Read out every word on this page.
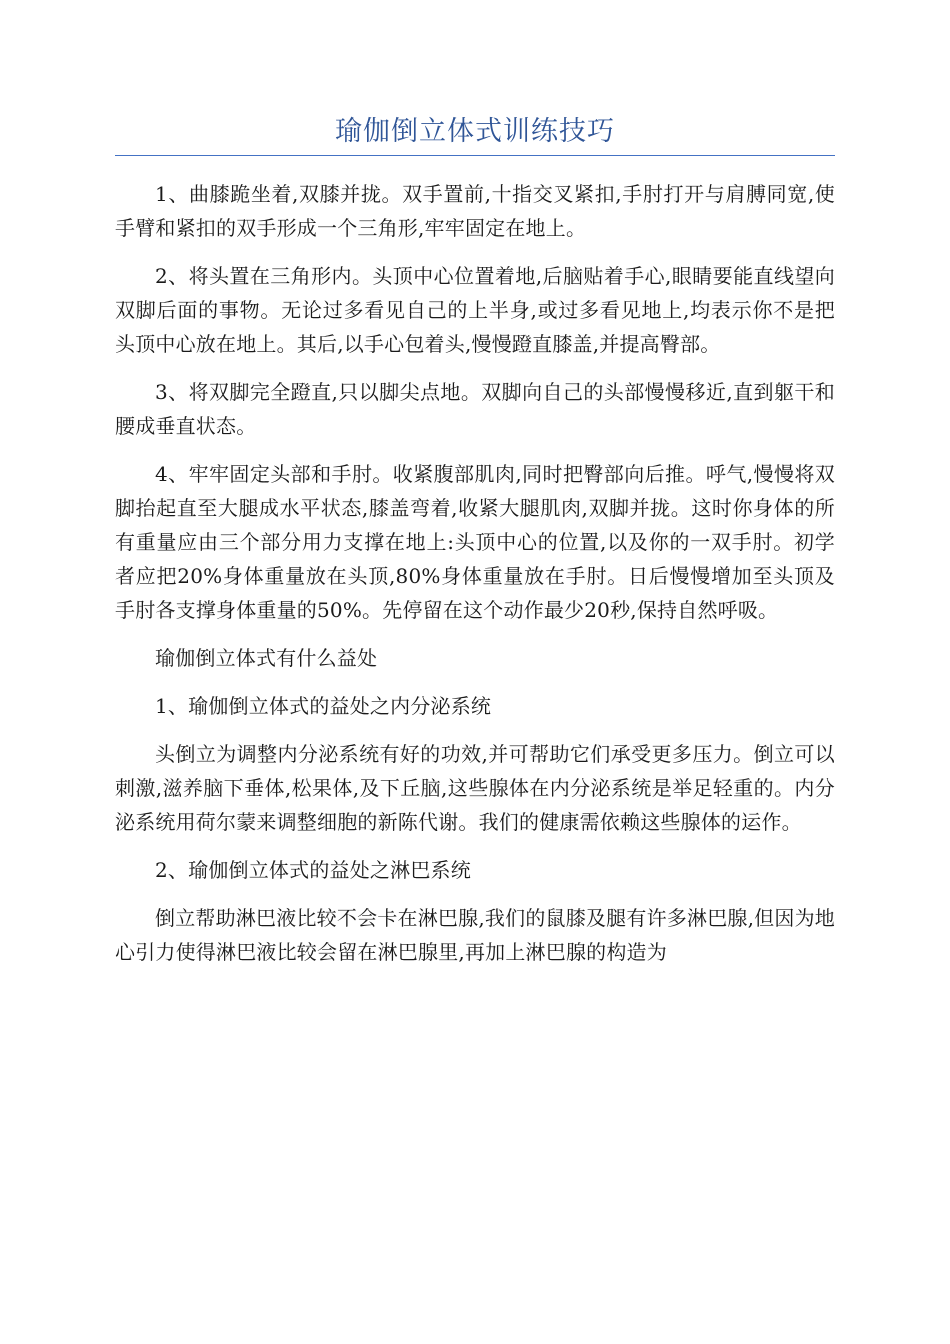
瑜伽倒立体式训练技巧

1、曲膝跪坐着,双膝并拢。双手置前,十指交叉紧扣,手肘打开与肩膊同宽,使手臂和紧扣的双手形成一个三角形,牢牢固定在地上。

2、将头置在三角形内。头顶中心位置着地,后脑贴着手心,眼睛要能直线望向双脚后面的事物。无论过多看见自己的上半身,或过多看见地上,均表示你不是把头顶中心放在地上。其后,以手心包着头,慢慢蹬直膝盖,并提高臀部。

3、将双脚完全蹬直,只以脚尖点地。双脚向自己的头部慢慢移近,直到躯干和腰成垂直状态。

4、牢牢固定头部和手肘。收紧腹部肌肉,同时把臀部向后推。呼气,慢慢将双脚抬起直至大腿成水平状态,膝盖弯着,收紧大腿肌肉,双脚并拢。这时你身体的所有重量应由三个部分用力支撑在地上:头顶中心的位置,以及你的一双手肘。初学者应把20%身体重量放在头顶,80%身体重量放在手肘。日后慢慢增加至头顶及手肘各支撑身体重量的50%。先停留在这个动作最少20秒,保持自然呼吸。

瑜伽倒立体式有什么益处

1、瑜伽倒立体式的益处之内分泌系统

头倒立为调整内分泌系统有好的功效,并可帮助它们承受更多压力。倒立可以刺激,滋养脑下垂体,松果体,及下丘脑,这些腺体在内分泌系统是举足轻重的。内分泌系统用荷尔蒙来调整细胞的新陈代谢。我们的健康需依赖这些腺体的运作。

2、瑜伽倒立体式的益处之淋巴系统

倒立帮助淋巴液比较不会卡在淋巴腺,我们的鼠膝及腿有许多淋巴腺,但因为地心引力使得淋巴液比较会留在淋巴腺里,再加上淋巴腺的构造为
